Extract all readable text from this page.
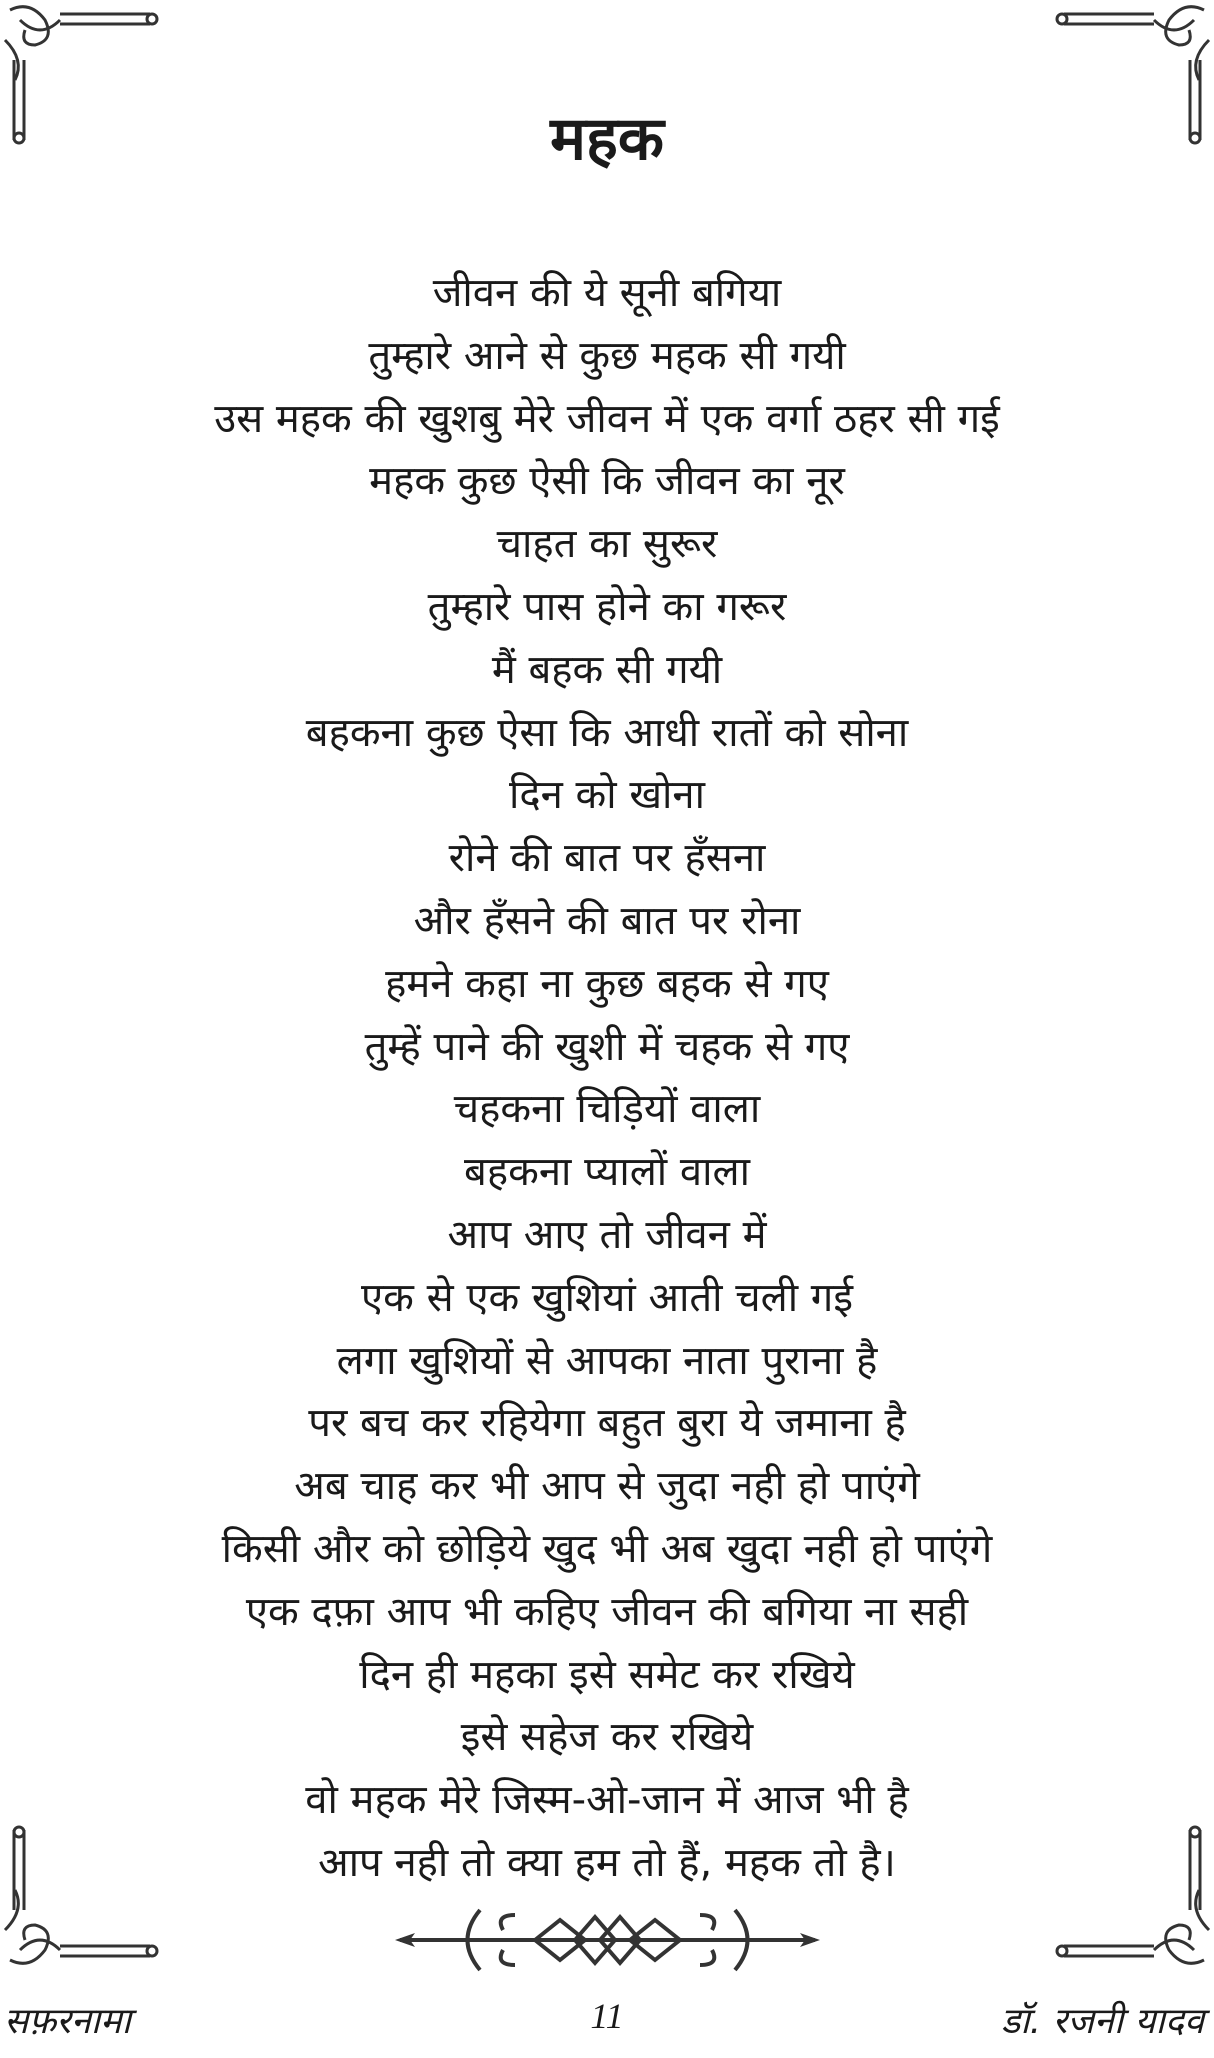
महक
जीवन की ये सूनी बगिया
तुम्हारे आने से कुछ महक सी गयी
उस महक की खुशबु मेरे जीवन में एक वर्गा ठहर सी गई
महक कुछ ऐसी कि जीवन का नूर
चाहत का सुरूर
तुम्हारे पास होने का गरूर
मैं बहक सी गयी
बहकना कुछ ऐसा कि आधी रातों को सोना
दिन को खोना
रोने की बात पर हँसना
और हँसने की बात पर रोना
हमने कहा ना कुछ बहक से गए
तुम्हें पाने की खुशी में चहक से गए
चहकना चिड़ियों वाला
बहकना प्यालों वाला
आप आए तो जीवन में
एक से एक खुशियां आती चली गई
लगा खुशियों से आपका नाता पुराना है
पर बच कर रहियेगा बहुत बुरा ये जमाना है
अब चाह कर भी आप से जुदा नही हो पाएंगे
किसी और को छोड़िये खुद भी अब खुदा नही हो पाएंगे
एक दफ़ा आप भी कहिए जीवन की बगिया ना सही
दिन ही महका इसे समेट कर रखिये
इसे सहेज कर रखिये
वो महक मेरे जिस्म-ओ-जान में आज भी है
आप नही तो क्या हम तो हैं, महक तो है।
सफ़रनामा	11	डॉ. रजनी यादव
